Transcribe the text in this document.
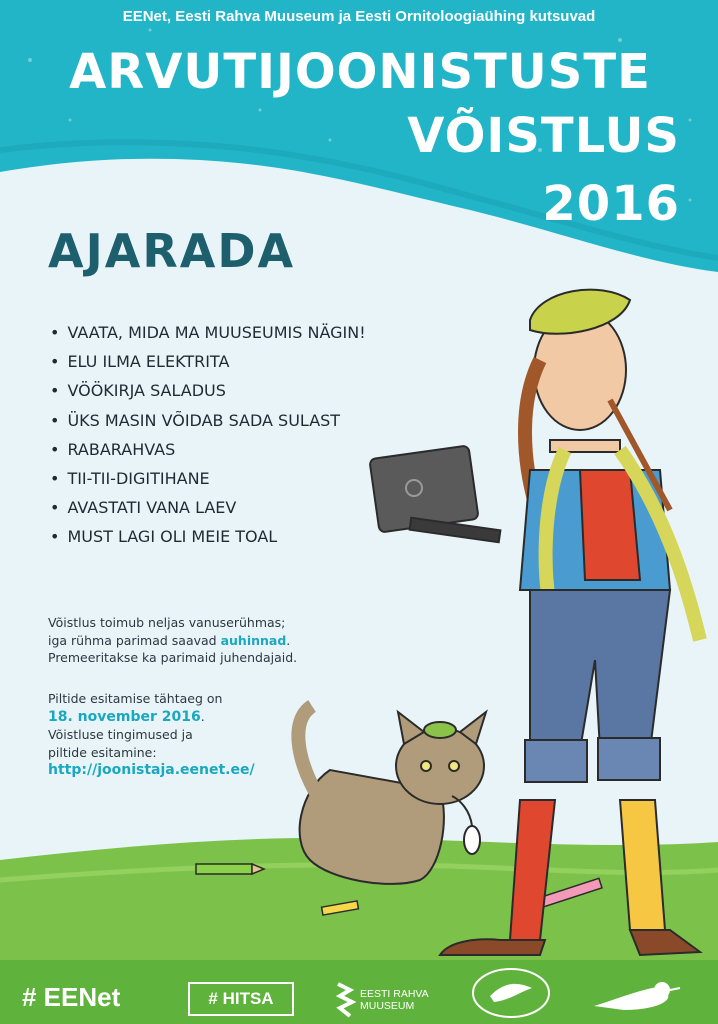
EENet, Eesti Rahva Muuseum ja Eesti Ornitoloogiaühing kutsuvad
ARVUTIJOONISTUSTE
VÕISTLUS
2016
AJARADA
• VAATA, MIDA MA MUUSEUMIS NÄGIN!
• ELU ILMA ELEKTRITA
• VÖÖKIRJA SALADUS
• ÜKS MASIN VÕIDAB SADA SULAST
• RABARAHVAS
• TII-TII-DIGITIHANE
• AVASTATI VANA LAEV
• MUST LAGI OLI MEIE TOAL

Võistlus toimub neljas vanuserühmas;

iga rühma parimad saavad auhinnad.

Premeeritakse ka parimaid juhendajaid.

Piltide esitamise tähtaeg on

18. november 2016.

Võistluse tingimused ja

piltide esitamine:

http://joonistaja.eenet.ee/

# EENet	# HITSA	EESTI RAHVA
MUUSEUM
